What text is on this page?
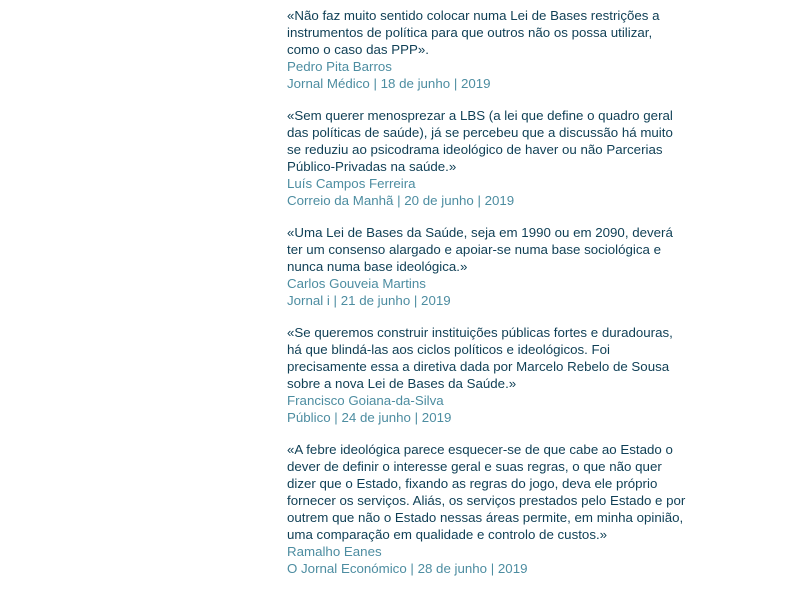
«Não faz muito sentido colocar numa Lei de Bases restrições a instrumentos de política para que outros não os possa utilizar, como o caso das PPP».

Pedro Pita Barros

Jornal Médico | 18 de junho | 2019

«Sem querer menosprezar a LBS (a lei que define o quadro geral das políticas de saúde), já se percebeu que a discussão há muito se reduziu ao psicodrama ideológico de haver ou não Parcerias Público-Privadas na saúde.»

Luís Campos Ferreira

Correio da Manhã | 20 de junho | 2019

«Uma Lei de Bases da Saúde, seja em 1990 ou em 2090, deverá ter um consenso alargado e apoiar-se numa base sociológica e nunca numa base ideológica.»

Carlos Gouveia Martins

Jornal i | 21 de junho | 2019

«Se queremos construir instituições públicas fortes e duradouras, há que blindá-las aos ciclos políticos e ideológicos. Foi precisamente essa a diretiva dada por Marcelo Rebelo de Sousa sobre a nova Lei de Bases da Saúde.»

Francisco Goiana-da-Silva

Público | 24 de junho | 2019

«A febre ideológica parece esquecer-se de que cabe ao Estado o dever de definir o interesse geral e suas regras, o que não quer dizer que o Estado, fixando as regras do jogo, deva ele próprio fornecer os serviços. Aliás, os serviços prestados pelo Estado e por outrem que não o Estado nessas áreas permite, em minha opinião, uma comparação em qualidade e controlo de custos.»

Ramalho Eanes

O Jornal Económico | 28 de junho | 2019
